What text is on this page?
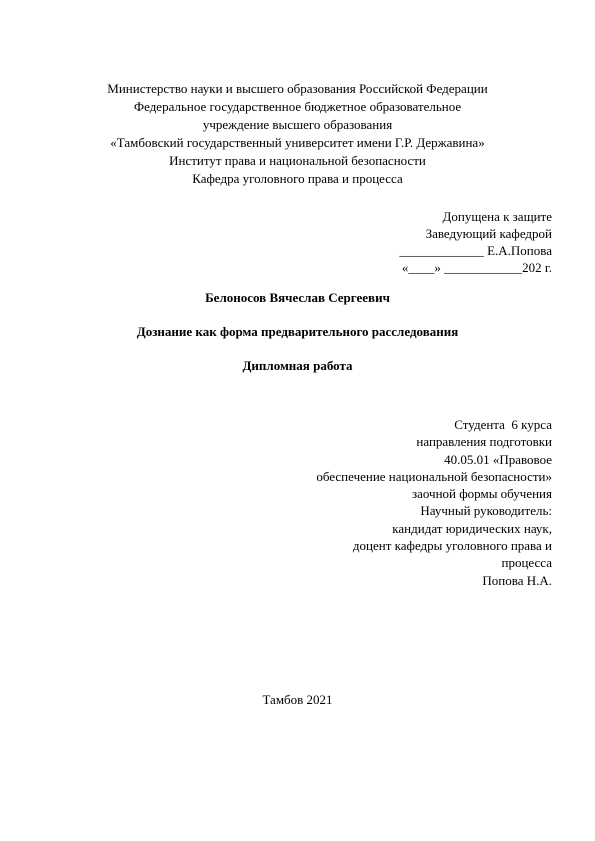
Министерство науки и высшего образования Российской Федерации
Федеральное государственное бюджетное образовательное
учреждение высшего образования
«Тамбовский государственный университет имени Г.Р. Державина»
Институт права и национальной безопасности
Кафедра уголовного права и процесса
Допущена к защите
Заведующий кафедрой
_____________ Е.А.Попова
«____» ____________202 г.
Белоносов Вячеслав Сергеевич
Дознание как форма предварительного расследования
Дипломная работа
Студента  6 курса
направления подготовки
40.05.01 «Правовое
обеспечение национальной безопасности»
заочной формы обучения
Научный руководитель:
кандидат юридических наук,
доцент кафедры уголовного права и
процесса
Попова Н.А.
Тамбов 2021
